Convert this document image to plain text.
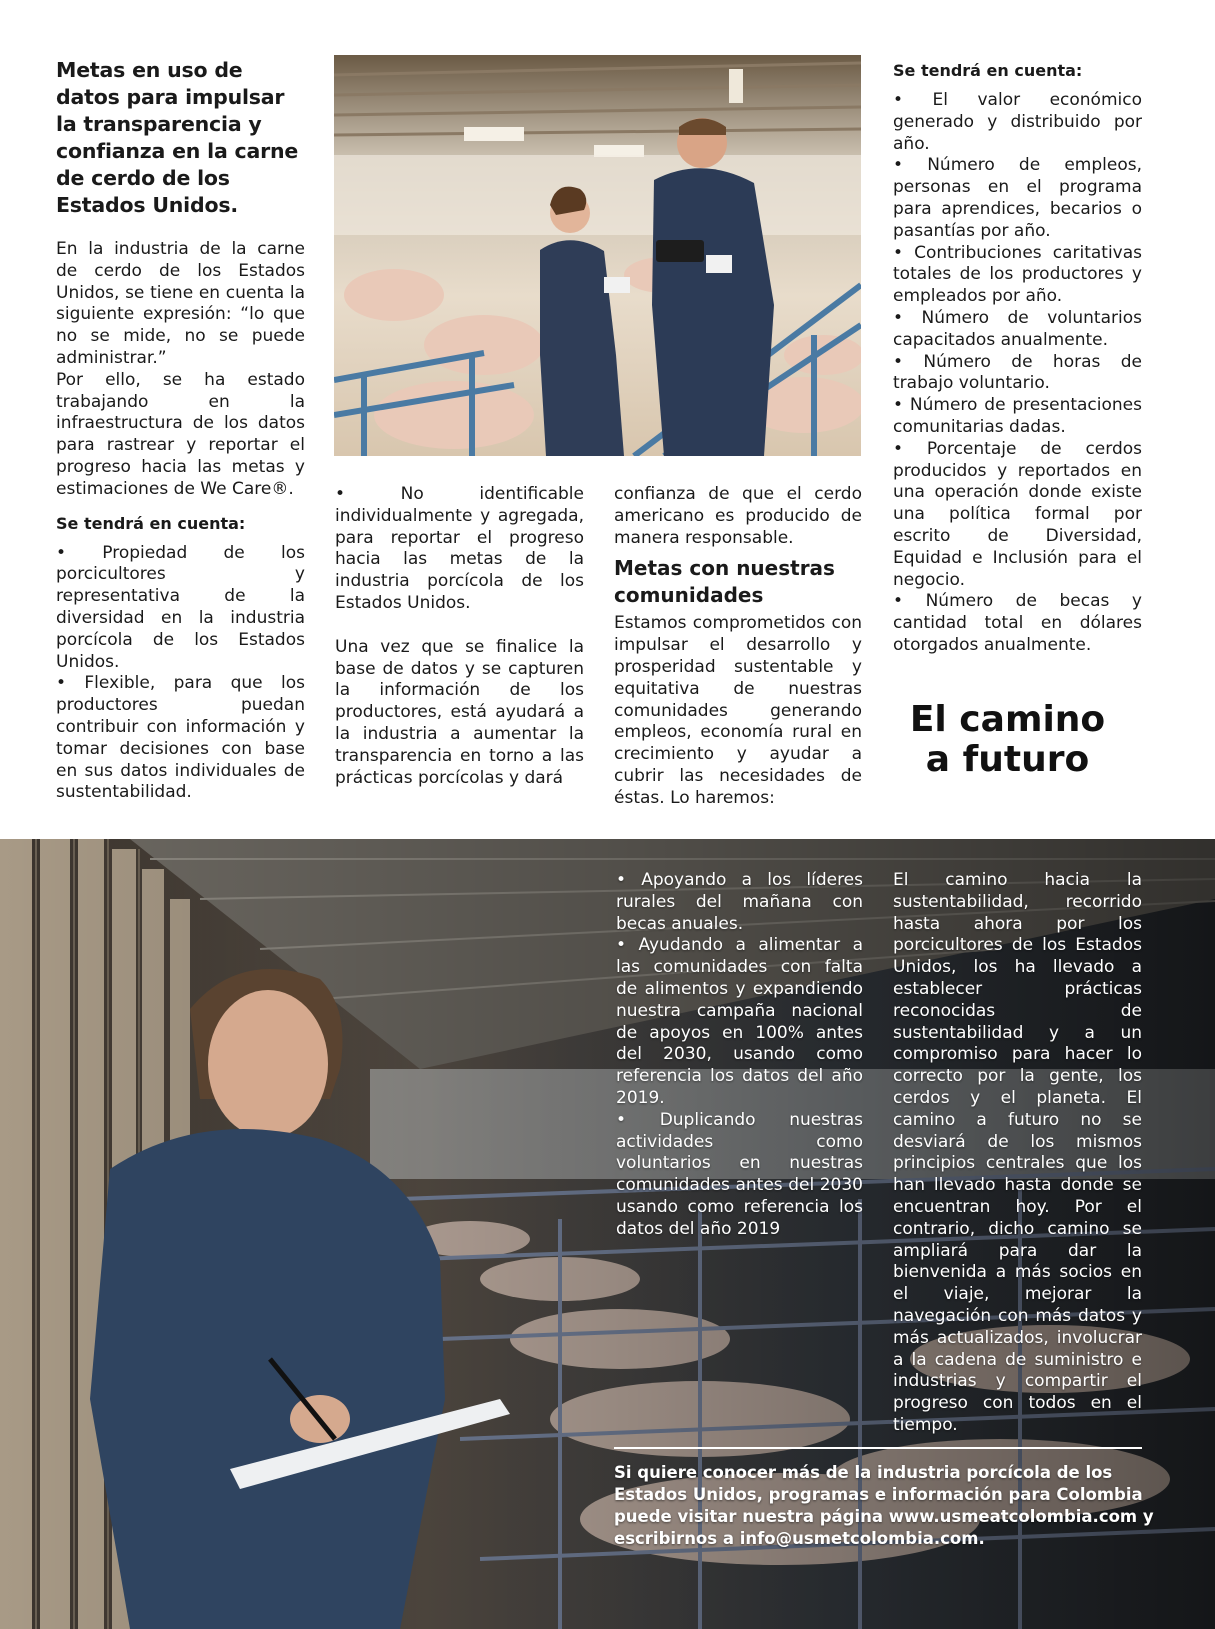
Metas en uso de datos para impulsar la transparencia y confianza en la carne de cerdo de los Estados Unidos.

En la industria de la carne de cerdo de los Estados Unidos, se tiene en cuenta la siguiente expresión: “lo que no se mide, no se puede administrar.”

Por ello, se ha estado trabajando en la infraestructura de los datos para rastrear y reportar el progreso hacia las metas y estimaciones de We Care®.

Se tendrá en cuenta:

• Propiedad de los porcicultores y representativa de la diversidad en la industria porcícola de los Estados Unidos.

• Flexible, para que los productores puedan contribuir con información y tomar decisiones con base en sus datos individuales de sustentabilidad.

• No identificable individualmente y agregada, para reportar el progreso hacia las metas de la industria porcícola de los Estados Unidos.

Una vez que se finalice la base de datos y se capturen la información de los productores, está ayudará a la industria a aumentar la transparencia en torno a las prácticas porcícolas y dará

confianza de que el cerdo americano es producido de manera responsable.

Metas con nuestras comunidades

Estamos comprometidos con impulsar el desarrollo y prosperidad sustentable y equitativa de nuestras comunidades generando empleos, economía rural en crecimiento y ayudar a cubrir las necesidades de éstas. Lo haremos:

Se tendrá en cuenta:

• El valor económico generado y distribuido por año.

• Número de empleos, personas en el programa para aprendices, becarios o pasantías por año.

• Contribuciones caritativas totales de los productores y empleados por año.

• Número de voluntarios capacitados anualmente.

• Número de horas de trabajo voluntario.

• Número de presentaciones comunitarias dadas.

• Porcentaje de cerdos producidos y reportados en una operación donde existe una política formal por escrito de Diversidad, Equidad e Inclusión para el negocio.

• Número de becas y cantidad total en dólares otorgados anualmente.

El camino
a futuro

• Apoyando a los líderes rurales del mañana con becas anuales.

• Ayudando a alimentar a las comunidades con falta de alimentos y expandiendo nuestra campaña nacional de apoyos en 100% antes del 2030, usando como referencia los datos del año 2019.

• Duplicando nuestras actividades como voluntarios en nuestras comunidades antes del 2030 usando como referencia los datos del año 2019

El camino hacia la sustentabilidad, recorrido hasta ahora por los porcicultores de los Estados Unidos, los ha llevado a establecer prácticas reconocidas de sustentabilidad y a un compromiso para hacer lo correcto por la gente, los cerdos y el planeta. El camino a futuro no se desviará de los mismos principios centrales que los han llevado hasta donde se encuentran hoy. Por el contrario, dicho camino se ampliará para dar la bienvenida a más socios en el viaje, mejorar la navegación con más datos y más actualizados, involucrar a la cadena de suministro e industrias y compartir el progreso con todos en el tiempo.

Si quiere conocer más de la industria porcícola de los Estados Unidos, programas e información para Colombia puede visitar nuestra página www.usmeatcolombia.com y escribirnos a info@usmetcolombia.com.
